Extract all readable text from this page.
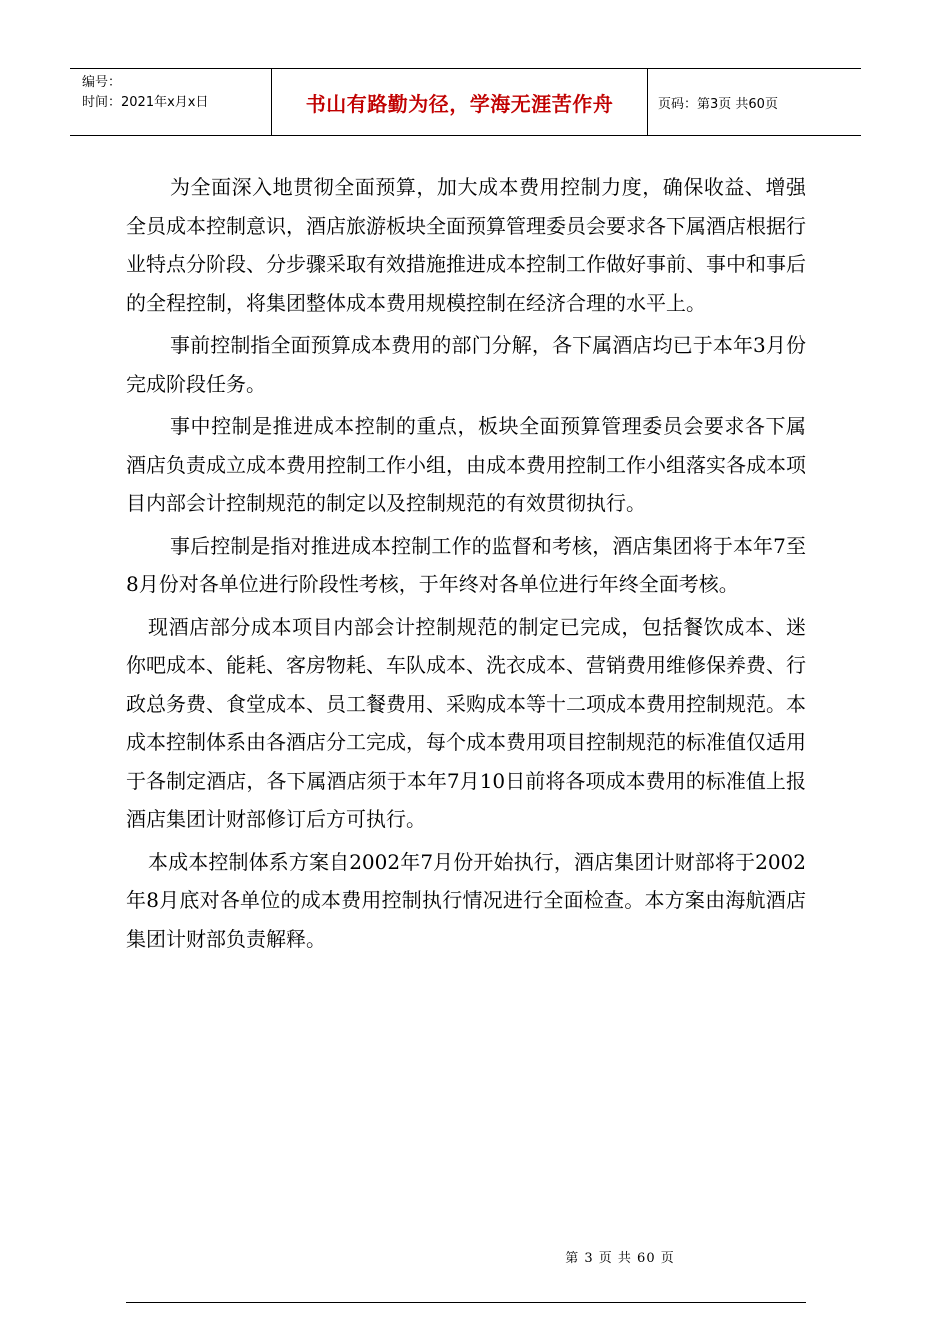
编号：
时间：2021年x月x日	书山有路勤为径，学海无涯苦作舟	页码：第3页 共60页

为全面深入地贯彻全面预算，加大成本费用控制力度，确保收益、增强全员成本控制意识，酒店旅游板块全面预算管理委员会要求各下属酒店根据行业特点分阶段、分步骤采取有效措施推进成本控制工作做好事前、事中和事后的全程控制，将集团整体成本费用规模控制在经济合理的水平上。

事前控制指全面预算成本费用的部门分解，各下属酒店均已于本年3月份完成阶段任务。

事中控制是推进成本控制的重点，板块全面预算管理委员会要求各下属酒店负责成立成本费用控制工作小组，由成本费用控制工作小组落实各成本项目内部会计控制规范的制定以及控制规范的有效贯彻执行。

事后控制是指对推进成本控制工作的监督和考核，酒店集团将于本年7至8月份对各单位进行阶段性考核，于年终对各单位进行年终全面考核。

现酒店部分成本项目内部会计控制规范的制定已完成，包括餐饮成本、迷你吧成本、能耗、客房物耗、车队成本、洗衣成本、营销费用维修保养费、行政总务费、食堂成本、员工餐费用、采购成本等十二项成本费用控制规范。本成本控制体系由各酒店分工完成，每个成本费用项目控制规范的标准值仅适用于各制定酒店，各下属酒店须于本年7月10日前将各项成本费用的标准值上报酒店集团计财部修订后方可执行。

本成本控制体系方案自2002年7月份开始执行，酒店集团计财部将于2002年8月底对各单位的成本费用控制执行情况进行全面检查。本方案由海航酒店集团计财部负责解释。

第 3 页 共 60 页
